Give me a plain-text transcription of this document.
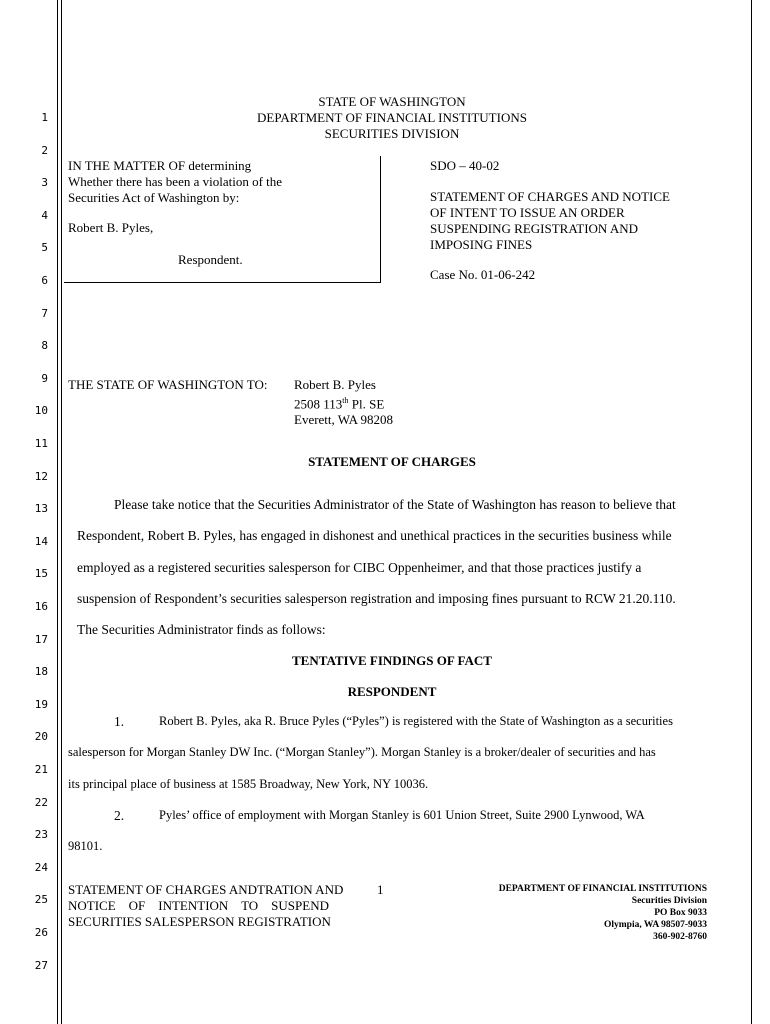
1
2
3
4
5
6
7
8
9
10
11
12
13
14
15
16
17
18
19
20
21
22
23
24
25
26
27
STATE OF WASHINGTON
DEPARTMENT OF FINANCIAL INSTITUTIONS
SECURITIES DIVISION
IN THE MATTER OF determining
Whether there has been a violation of the
Securities Act of Washington by:
Robert B. Pyles,
Respondent.
SDO – 40-02
STATEMENT OF CHARGES AND NOTICE
OF INTENT TO ISSUE AN ORDER
SUSPENDING REGISTRATION AND
IMPOSING FINES
Case No. 01-06-242
THE STATE OF WASHINGTON TO: Robert B. Pyles
2508 113th Pl. SE
Everett, WA 98208
STATEMENT OF CHARGES
Please take notice that the Securities Administrator of the State of Washington has reason to believe that
Respondent, Robert B. Pyles, has engaged in dishonest and unethical practices in the securities business while
employed as a registered securities salesperson for CIBC Oppenheimer, and that those practices justify a
suspension of Respondent’s securities salesperson registration and imposing fines pursuant to RCW 21.20.110.
The Securities Administrator finds as follows:
TENTATIVE FINDINGS OF FACT
RESPONDENT
1.	Robert B. Pyles, aka R. Bruce Pyles (“Pyles”) is registered with the State of Washington as a securities
salesperson for Morgan Stanley DW Inc. (“Morgan Stanley”). Morgan Stanley is a broker/dealer of securities and has
its principal place of business at 1585 Broadway, New York, NY 10036.
2.	Pyles’ office of employment with Morgan Stanley is 601 Union Street, Suite 2900 Lynwood, WA
98101.
STATEMENT OF CHARGES ANDTRATION AND
NOTICE    OF    INTENTION    TO    SUSPEND
SECURITIES SALESPERSON REGISTRATION
1	DEPARTMENT OF FINANCIAL INSTITUTIONS
Securities Division
PO Box 9033
Olympia, WA 98507-9033
360-902-8760
